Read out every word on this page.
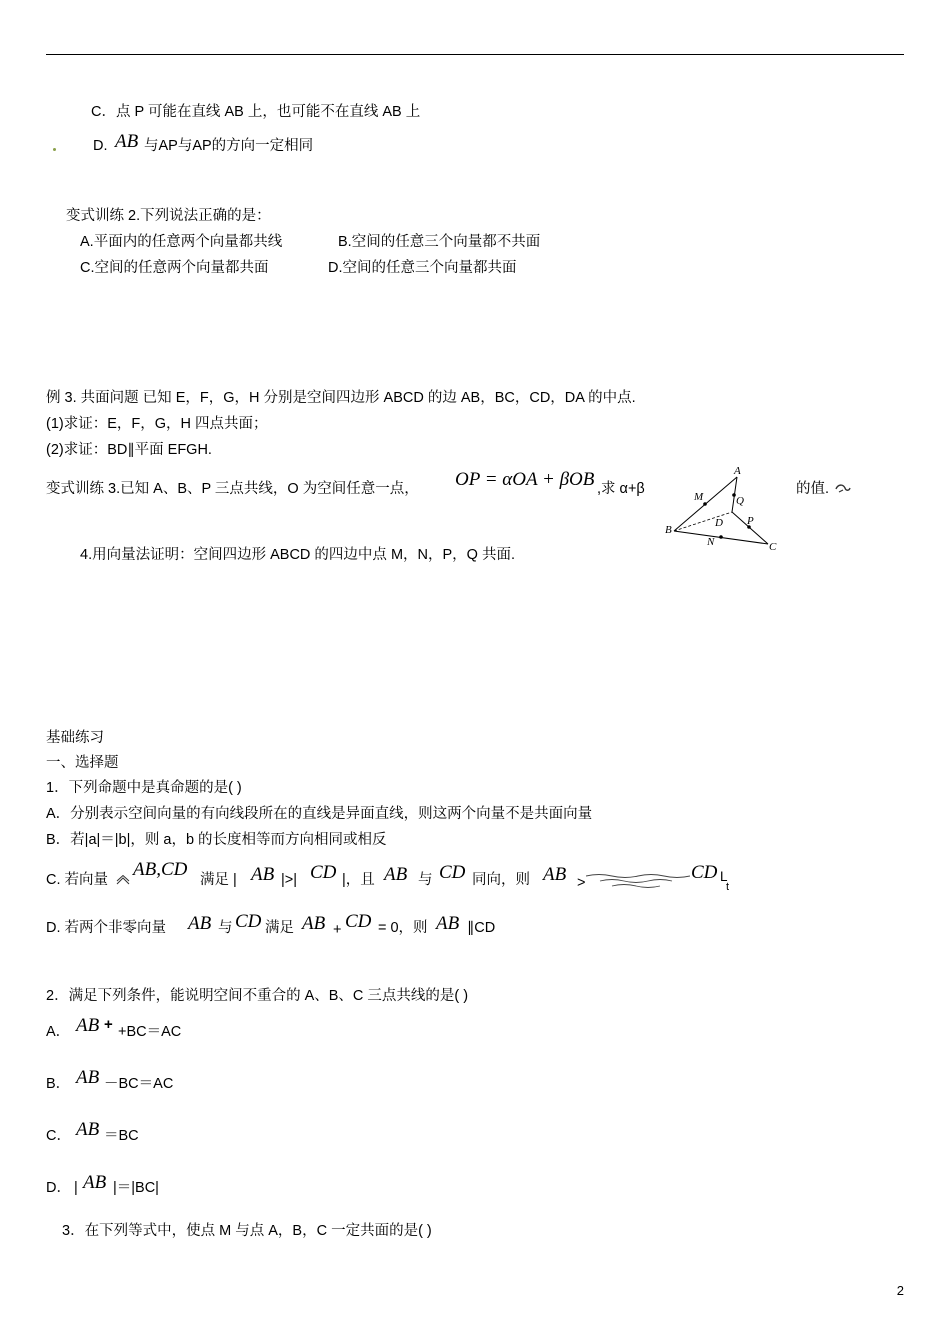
C．点 P 可能在直线 AB 上，也可能不在直线 AB 上
D. AB 与AP与AP的方向一定相同
变式训练 2.下列说法正确的是：
A.平面内的任意两个向量都共线	B.空间的任意三个向量都不共面
C.空间的任意两个向量都共面	D.空间的任意三个向量都共面
例 3. 共面问题 已知 E，F，G，H 分别是空间四边形 ABCD 的边 AB，BC，CD，DA 的中点.
(1)求证：E，F，G，H 四点共面；
(2)求证：BD∥平面 EFGH.
变式训练 3.已知 A、B、P 三点共线，O 为空间任意一点， OP = αOA + βOB ,求 α+β	的值.
A
M	Q
D P
B
N	C
4.用向量法证明：空间四边形 ABCD 的四边中点 M，N，P，Q 共面.
基础练习
一、选择题
1．下列命题中是真命题的是( )
A．分别表示空间向量的有向线段所在的直线是异面直线，则这两个向量不是共面向量
B．若|a|＝|b|，则 a，b 的长度相等而方向相同或相反
C. 若向量 AB,CD 满足 | AB |>| CD |，且 AB 与 CD 同向，则 AB >	CD L
t
D. 若两个非零向量 AB 与 CD 满足 AB + CD = 0，则 AB ∥CD
2．满足下列条件，能说明空间不重合的 A、B、C 三点共线的是( )
A． AB + +BC＝AC
B． AB －BC＝AC
C． AB ＝BC
D． | AB |＝|BC|
3．在下列等式中，使点 M 与点 A，B，C 一定共面的是( )
2
